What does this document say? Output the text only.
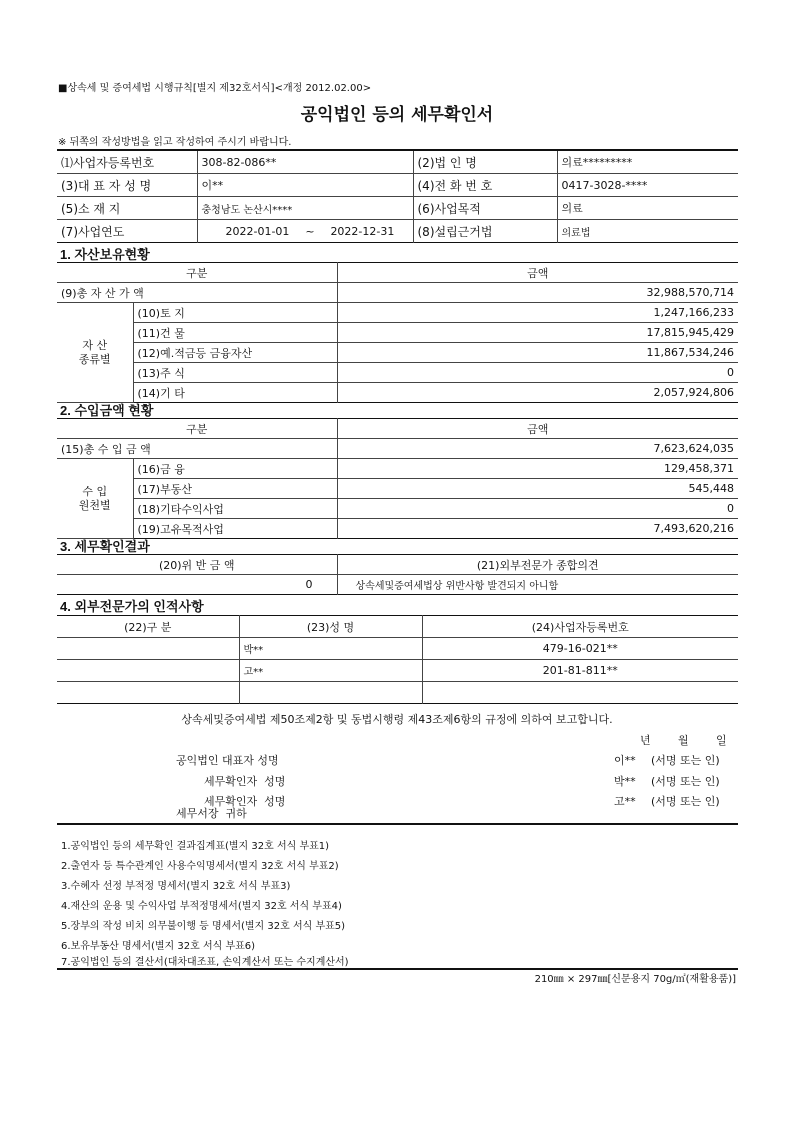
■상속세 및 증여세법 시행규칙[별지 제32호서식]<개정 2012.02.00>
공익법인 등의 세무확인서
※ 뒤쪽의 작성방법을 읽고 작성하여 주시기 바랍니다.
⑴사업자등록번호	308-82-086**	(2)법 인 명	의료*********
(3)대 표 자 성 명	이**	(4)전 화 번 호	0417-3028-****
(5)소 재 지	충청남도 논산시****	(6)사업목적	의료
(7)사업연도	2022-01-01 ~ 2022-12-31	(8)설립근거법	의료법
1. 자산보유현황
구분		금액
(9)총 자 산 가 액		32,988,570,714

자 산
종류별	(10)토 지	1,247,166,233
	(11)건 물	17,815,945,429
	(12)예.적금등 금융자산	11,867,534,246
	(13)주 식	0
	(14)기 타	2,057,924,806
2. 수입금액 현황
구분		금액
(15)총 수 입 금 액		7,623,624,035

수 입
원천별	(16)금 융	129,458,371
	(17)부동산	545,448
	(18)기타수익사업	0
	(19)고유목적사업	7,493,620,216
3. 세무확인결과
(20)위 반 금 액	(21)외부전문가 종합의견
0	상속세및증여세법상 위반사항 발견되지 아니함
4. 외부전문가의 인적사항
(22)구 분	(23)성 명	(24)사업자등록번호
	박**	479-16-021**
	고**	201-81-811**

상속세및증여세법 제50조제2항 및 동법시행령 제43조제6항의 규정에 의하여 보고합니다.
년 월 일
공익법인 대표자 성명	이** (서명 또는 인)
세무확인자  성명	박** (서명 또는 인)
세무확인자  성명	고** (서명 또는 인)
세무서장  귀하
1.공익법인 등의 세무확인 결과집계표(별지 32호 서식 부표1)
2.출연자 등 특수관계인 사용수익명세서(별지 32호 서식 부표2)
3.수혜자 선정 부적정 명세서(별지 32호 서식 부표3)
4.재산의 운용 및 수익사업 부적정명세서(별지 32호 서식 부표4)
5.장부의 작성 비치 의무불이행 등 명세서(별지 32호 서식 부표5)
6.보유부동산 명세서(별지 32호 서식 부표6)
7.공익법인 등의 결산서(대차대조표, 손익계산서 또는 수지계산서)
210㎜ × 297㎜[신문용지 70g/㎡(재활용품)]
